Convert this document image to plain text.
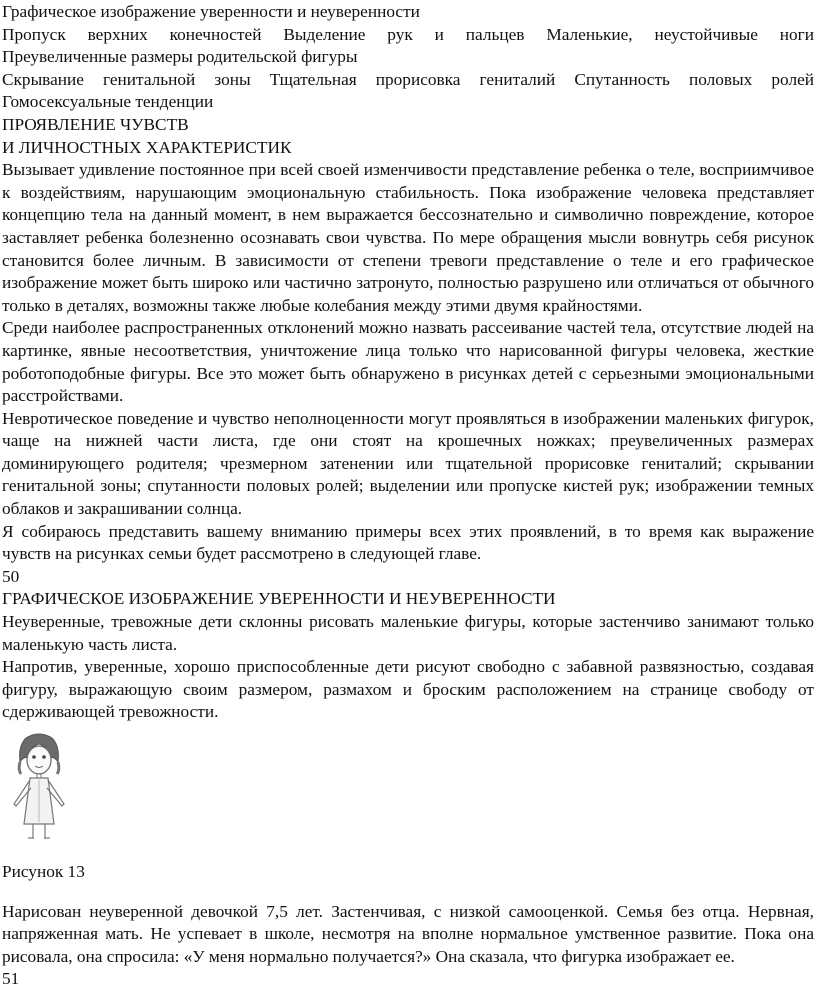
Графическое изображение уверенности и неуверенности

Пропуск верхних конечностей Выделение рук и пальцев Маленькие, неустойчивые ноги

Преувеличенные размеры родительской фигуры

Скрывание генитальной зоны Тщательная прорисовка гениталий Спутанность половых ролей

Гомосексуальные тенденции

ПРОЯВЛЕНИЕ ЧУВСТВ

И ЛИЧНОСТНЫХ ХАРАКТЕРИСТИК

Вызывает удивление постоянное при всей своей изменчивости представление ребенка о теле, восприимчивое к воздействиям, нарушающим эмоциональную стабильность. Пока изображение человека представляет концепцию тела на данный момент, в нем выражается бессознательно и символично повреждение, которое заставляет ребенка болезненно осознавать свои чувства. По мере обращения мысли вовнутрь себя рисунок становится более личным. В зависимости от степени тревоги представление о теле и его графическое изображение может быть широко или частично затронуто, полностью разрушено или отличаться от обычного только в деталях, возможны также любые колебания между этими двумя крайностями.

Среди наиболее распространенных отклонений можно назвать рассеивание частей тела, отсутствие людей на картинке, явные несоответствия, уничтожение лица только что нарисованной фигуры человека, жесткие роботоподобные фигуры. Все это может быть обнаружено в рисунках детей с серьезными эмоциональными расстройствами.

Невротическое поведение и чувство неполноценности могут проявляться в изображении маленьких фигурок, чаще на нижней части листа, где они стоят на крошечных ножках; преувеличенных размерах доминирующего родителя; чрезмерном затенении или тщательной прорисовке гениталий; скрывании генитальной зоны; спутанности половых ролей; выделении или пропуске кистей рук; изображении темных облаков и закрашивании солнца.

Я собираюсь представить вашему вниманию примеры всех этих проявлений, в то время как выражение чувств на рисунках семьи будет рассмотрено в следующей главе.

50

ГРАФИЧЕСКОЕ ИЗОБРАЖЕНИЕ УВЕРЕННОСТИ И НЕУВЕРЕННОСТИ

Неуверенные, тревожные дети склонны рисовать маленькие фигуры, которые застенчиво занимают только маленькую часть листа.

Напротив, уверенные, хорошо приспособленные дети рисуют свободно с забавной развязностью, создавая фигуру, выражающую своим размером, размахом и броским расположением на странице свободу от сдерживающей тревожности.

Рисунок 13

Нарисован неуверенной девочкой 7,5 лет. Застенчивая, с низкой самооценкой. Семья без отца. Нервная, напряженная мать. Не успевает в школе, несмотря на вполне нормальное умственное развитие. Пока она рисовала, она спросила: «У меня нормально получается?» Она сказала, что фигурка изображает ее.

51
